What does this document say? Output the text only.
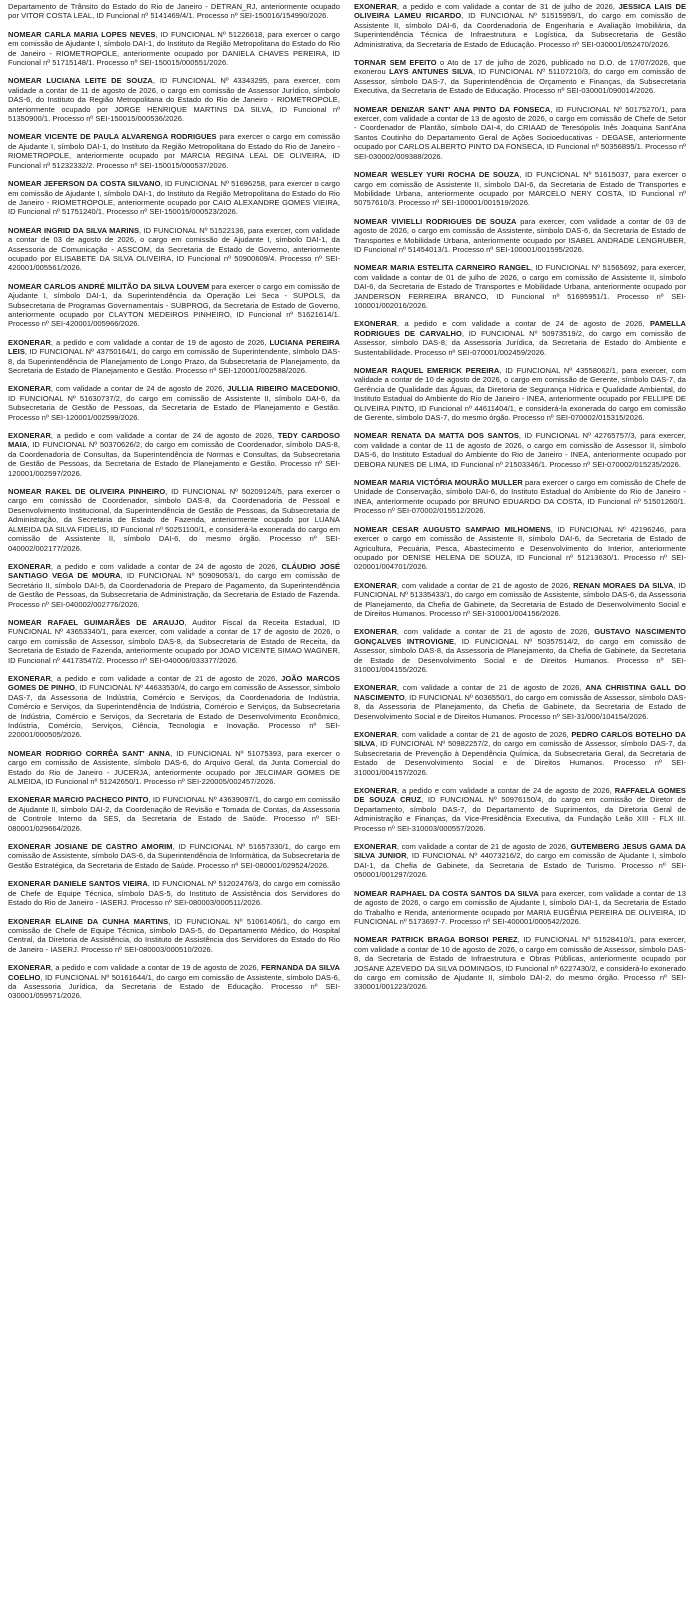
Departamento de Trânsito do Estado do Rio de Janeiro - DETRAN_RJ, anteriormente ocupado por VITOR COSTA LEAL, ID Funcional nº 5141469/4/1. Processo nº SEI-150016/154990/2026.

NOMEAR CARLA MARIA LOPES NEVES, ID FUNCIONAL Nº 51226618, para exercer o cargo em comissão de Ajudante I, símbolo DAI-1, do Instituto da Região Metropolitana do Estado do Rio de Janeiro - RIOMETROPOLE, anteriormente ocupado por DANIELA CHAVES PEREIRA, ID Funcional nº 51715148/1. Processo nº SEI-150015/000551/2026.

NOMEAR LUCIANA LEITE DE SOUZA, ID FUNCIONAL Nº 43343295, para exercer, com validade a contar de 11 de agosto de 2026, o cargo em comissão de Assessor Jurídico, símbolo DAS-6, do Instituto da Região Metropolitana do Estado do Rio de Janeiro - RIOMETROPOLE, anteriormente ocupado por JORGE HENRIQUE MARTINS DA SILVA, ID Funcional nº 51350900/1. Processo nº SEI-150015/000536/2026.

NOMEAR VICENTE DE PAULA ALVARENGA RODRIGUES para exercer o cargo em comissão de Ajudante I, símbolo DAI-1, do Instituto da Região Metropolitana do Estado do Rio de Janeiro - RIOMETROPOLE, anteriormente ocupado por MARCIA REGINA LEAL DE OLIVEIRA, ID Funcional nº 51232332/2. Processo nº SEI-150015/000537/2026.

NOMEAR JEFERSON DA COSTA SILVANO, ID FUNCIONAL Nº 51696258, para exercer o cargo em comissão de Ajudante I, símbolo DAI-1, do Instituto da Região Metropolitana do Estado do Rio de Janeiro - RIOMETROPOLE, anteriormente ocupado por CAIO ALEXANDRE GOMES VIEIRA, ID Funcional nº 51751240/1. Processo nº SEI-150015/000523/2026.

NOMEAR INGRID DA SILVA MARINS, ID FUNCIONAL Nº 51522136, para exercer, com validade a contar de 03 de agosto de 2026, o cargo em comissão de Ajudante I, símbolo DAI-1, da Assessoria de Comunicação - ASSCOM, da Secretaria de Estado de Governo, anteriormente ocupado por ELISABETE DA SILVA OLIVEIRA, ID Funcional nº 50900609/4. Processo nº SEI-420001/005561/2026.

NOMEAR CARLOS ANDRÉ MILITÃO DA SILVA LOUVEM para exercer o cargo em comissão de Ajudante I, símbolo DAI-1, da Superintendência da Operação Lei Seca - SUPOLS, da Subsecretaria de Programas Governamentais - SUBPROG, da Secretaria de Estado de Governo, anteriormente ocupado por CLAYTON MEDEIROS PINHEIRO, ID Funcional nº 51621614/1. Processo nº SEI-420001/005966/2026.

EXONERAR, a pedido e com validade a contar de 19 de agosto de 2026, LUCIANA PEREIRA LEIS, ID FUNCIONAL Nº 43750164/1, do cargo em comissão de Superintendente, símbolo DAS-8, da Superintendência de Planejamento de Longo Prazo, da Subsecretaria de Planejamento, da Secretaria de Estado de Planejamento e Gestão. Processo nº SEI-120001/002588/2026.

EXONERAR, com validade a contar de 24 de agosto de 2026, JULLIA RIBEIRO MACEDONIO, ID FUNCIONAL Nº 51630737/2, do cargo em comissão de Assistente II, símbolo DAI-6, da Subsecretaria de Gestão de Pessoas, da Secretaria de Estado de Planejamento e Gestão. Processo nº SEI-120001/002599/2026.

EXONERAR, a pedido e com validade a contar de 24 de agosto de 2026, TEDY CARDOSO MAIA, ID FUNCIONAL Nº 50370626/2, do cargo em comissão de Coordenador, símbolo DAS-8, da Coordenadoria de Consultas, da Superintendência de Normas e Consultas, da Subsecretaria de Gestão de Pessoas, da Secretaria de Estado de Planejamento e Gestão. Processo nº SEI-120001/002597/2026.

NOMEAR RAKEL DE OLIVEIRA PINHEIRO, ID FUNCIONAL Nº 50209124/5, para exercer o cargo em comissão de Coordenador, símbolo DAS-8, da Coordenadoria de Pessoal e Desenvolvimento Institucional, da Superintendência de Gestão de Pessoas, da Subsecretaria de Administração, da Secretaria de Estado de Fazenda, anteriormente ocupado por LUANA ALMEIDA DA SILVA FIDELIS, ID Funcional nº 50251100/1, e considerá-la exonerada do cargo em comissão de Assistente II, símbolo DAI-6, do mesmo órgão. Processo nº SEI-040002/002177/2026.

EXONERAR, a pedido e com validade a contar de 24 de agosto de 2026, CLÁUDIO JOSÉ SANTIAGO VEGA DE MOURA, ID FUNCIONAL Nº 50909053/1, do cargo em comissão de Secretário II, símbolo DAI-5, da Coordenadoria de Preparo de Pagamento, da Superintendência de Gestão de Pessoas, da Subsecretaria de Administração, da Secretaria de Estado de Fazenda. Processo nº SEI-040002/002776/2026.

NOMEAR RAFAEL GUIMARÃES DE ARAUJO, Auditor Fiscal da Receita Estadual, ID FUNCIONAL Nº 43653340/1, para exercer, com validade a contar de 17 de agosto de 2026, o cargo em comissão de Assessor, símbolo DAS-8, da Subsecretaria de Estado de Receita, da Secretaria de Estado de Fazenda, anteriormente ocupado por JOAO VICENTE SIMAO WAGNER, ID Funcional nº 44173547/2. Processo nº SEI-040006/033377/2026.

EXONERAR, a pedido e com validade a contar de 21 de agosto de 2026, JOÃO MARCOS GOMES DE PINHO, ID FUNCIONAL Nº 44633530/4, do cargo em comissão de Assessor, símbolo DAS-7, da Assessoria de Indústria, Comércio e Serviços, da Coordenadoria de Indústria, Comércio e Serviços, da Superintendência de Indústria, Comércio e Serviços, da Subsecretaria de Indústria, Comércio e Serviços, da Secretaria de Estado de Desenvolvimento Econômico, Indústria, Comércio, Serviços, Ciência, Tecnologia e Inovação. Processo nº SEI-220001/000505/2026.

NOMEAR RODRIGO CORRÊA SANT' ANNA, ID FUNCIONAL Nº 51075393, para exercer o cargo em comissão de Assistente, símbolo DAS-6, do Arquivo Geral, da Junta Comercial do Estado do Rio de Janeiro - JUCERJA, anteriormente ocupado por JELCIMAR GOMES DE ALMEIDA, ID Funcional nº 51242650/1. Processo nº SEI-220005/002457/2026.

EXONERAR MARCIO PACHECO PINTO, ID FUNCIONAL Nº 43639097/1, do cargo em comissão de Ajudante II, símbolo DAI-2, da Coordenação de Revisão e Tomada de Contas, da Assessoria de Controle Interno da SES, da Secretaria de Estado de Saúde. Processo nº SEI-080001/029664/2026.

EXONERAR JOSIANE DE CASTRO AMORIM, ID FUNCIONAL Nº 51657330/1, do cargo em comissão de Assistente, símbolo DAS-6, da Superintendência de Informática, da Subsecretaria de Gestão Estratégica, da Secretaria de Estado de Saúde. Processo nº SEI-080001/029524/2026.

EXONERAR DANIELE SANTOS VIEIRA, ID FUNCIONAL Nº 51202476/3, do cargo em comissão de Chefe de Equipe Técnica, símbolo DAS-5, do Instituto de Assistência dos Servidores do Estado do Rio de Janeiro - IASERJ. Processo nº SEI-080003/000511/2026.

EXONERAR ELAINE DA CUNHA MARTINS, ID FUNCIONAL Nº 51061406/1, do cargo em comissão de Chefe de Equipe Técnica, símbolo DAS-5, do Departamento Médico, do Hospital Central, da Diretoria de Assistência, do Instituto de Assistência dos Servidores do Estado do Rio de Janeiro - IASERJ. Processo nº SEI-080003/000510/2026.

EXONERAR, a pedido e com validade a contar de 19 de agosto de 2026, FERNANDA DA SILVA COELHO, ID FUNCIONAL Nº 50161644/1, do cargo em comissão de Assistente, símbolo DAS-6, da Assessoria Jurídica, da Secretaria de Estado de Educação. Processo nº SEI-030001/059571/2026.

EXONERAR, a pedido e com validade a contar de 31 de julho de 2026, JESSICA LAIS DE OLIVEIRA LAMEU RICARDO, ID FUNCIONAL Nº 51515959/1, do cargo em comissão de Assistente II, símbolo DAI-6, da Coordenadoria de Engenharia e Avaliação Imobiliária, da Superintendência Técnica de Infraestrutura e Logística, da Subsecretaria de Gestão Administrativa, da Secretaria de Estado de Educação. Processo nº SEI-030001/052470/2026.

TORNAR SEM EFEITO o Ato de 17 de julho de 2026, publicado no D.O. de 17/07/2026, que exonerou LAYS ANTUNES SILVA, ID FUNCIONAL Nº 51107210/3, do cargo em comissão de Assessor, símbolo DAS-7, da Superintendência de Orçamento e Finanças, da Subsecretaria Executiva, da Secretaria de Estado de Educação. Processo nº SEI-030001/090014/2026.

NOMEAR DENIZAR SANT' ANA PINTO DA FONSECA, ID FUNCIONAL Nº 50175270/1, para exercer, com validade a contar de 13 de agosto de 2026, o cargo em comissão de Chefe de Setor - Coordenador de Plantão, símbolo DAI-4, do CRIAAD de Teresópolis Inês Joaquina Sant'Ana Santos Coutinho do Departamento Geral de Ações Socioeducativas - DEGASE, anteriormente ocupado por CARLOS ALBERTO PINTO DA FONSECA, ID Funcional nº 50356895/1. Processo nº SEI-030002/009388/2026.

NOMEAR WESLEY YURI ROCHA DE SOUZA, ID FUNCIONAL Nº 51615037, para exercer o cargo em comissão de Assistente II, símbolo DAI-6, da Secretaria de Estado de Transportes e Mobilidade Urbana, anteriormente ocupado por MARCELO NERY COSTA, ID Funcional nº 50757610/3. Processo nº SEI-100001/001519/2026.

NOMEAR VIVIELLI RODRIGUES DE SOUZA para exercer, com validade a contar de 03 de agosto de 2026, o cargo em comissão de Assistente, símbolo DAS-6, da Secretaria de Estado de Transportes e Mobilidade Urbana, anteriormente ocupado por ISABEL ANDRADE LENGRUBER, ID Funcional nº 51454013/1. Processo nº SEI-100001/001595/2026.

NOMEAR MARIA ESTELITA CARNEIRO RANGEL, ID FUNCIONAL Nº 51565692, para exercer, com validade a contar de 01 de julho de 2026, o cargo em comissão de Assistente II, símbolo DAI-6, da Secretaria de Estado de Transportes e Mobilidade Urbana, anteriormente ocupado por JANDERSON FERREIRA BRANCO, ID Funcional nº 51695951/1. Processo nº SEI-100001/002016/2026.

EXONERAR, a pedido e com validade a contar de 24 de agosto de 2026, PAMELLA RODRIGUES DE CARVALHO, ID FUNCIONAL Nº 50973519/2, do cargo em comissão de Assessor, símbolo DAS-8, da Assessoria Jurídica, da Secretaria de Estado do Ambiente e Sustentabilidade. Processo nº SEI-070001/002459/2026.

NOMEAR RAQUEL EMERICK PEREIRA, ID FUNCIONAL Nº 43558062/1, para exercer, com validade a contar de 10 de agosto de 2026, o cargo em comissão de Gerente, símbolo DAS-7, da Gerência de Qualidade das Águas, da Diretoria de Segurança Hídrica e Qualidade Ambiental, do Instituto Estadual do Ambiente do Rio de Janeiro - INEA, anteriormente ocupado por FELLIPE DE OLIVEIRA PINTO, ID Funcional nº 44611404/1, e considerá-la exonerada do cargo em comissão de Gerente, símbolo DAS-7, do mesmo órgão. Processo nº SEI-070002/015315/2026.

NOMEAR RENATA DA MATTA DOS SANTOS, ID FUNCIONAL Nº 42765757/3, para exercer, com validade a contar de 11 de agosto de 2026, o cargo em comissão de Assessor II, símbolo DAS-6, do Instituto Estadual do Ambiente do Rio de Janeiro - INEA, anteriormente ocupado por DEBORA NUNES DE LIMA, ID Funcional nº 21503346/1. Processo nº SEI-070002/015235/2026.

NOMEAR MARIA VICTÓRIA MOURÃO MULLER para exercer o cargo em comissão de Chefe de Unidade de Conservação, símbolo DAI-6, do Instituto Estadual do Ambiente do Rio de Janeiro - INEA, anteriormente ocupado por BRUNO EDUARDO DA COSTA, ID Funcional nº 51501260/1. Processo nº SEI-070002/015512/2026.

NOMEAR CESAR AUGUSTO SAMPAIO MILHOMENS, ID FUNCIONAL Nº 42196246, para exercer o cargo em comissão de Assistente II, símbolo DAI-6, da Secretaria de Estado de Agricultura, Pecuária, Pesca, Abastecimento e Desenvolvimento do Interior, anteriormente ocupado por DENISE HELENA DE SOUZA, ID Funcional nº 51213630/1. Processo nº SEI-020001/004701/2026.

EXONERAR, com validade a contar de 21 de agosto de 2026, RENAN MORAES DA SILVA, ID FUNCIONAL Nº 51335433/1, do cargo em comissão de Assistente, símbolo DAS-6, da Assessoria de Planejamento, da Chefia de Gabinete, da Secretaria de Estado de Desenvolvimento Social e de Direitos Humanos. Processo nº SEI-310001/004156/2026.

EXONERAR, com validade a contar de 21 de agosto de 2026, GUSTAVO NASCIMENTO GONÇALVES INTROVIGNE, ID FUNCIONAL Nº 50357514/2, do cargo em comissão de Assessor, símbolo DAS-8, da Assessoria de Planejamento, da Chefia de Gabinete, da Secretaria de Estado de Desenvolvimento Social e de Direitos Humanos. Processo nº SEI-310001/004155/2026.

EXONERAR, com validade a contar de 21 de agosto de 2026, ANA CHRISTINA GALL DO NASCIMENTO, ID FUNCIONAL Nº 6036550/1, do cargo em comissão de Assessor, símbolo DAS-8, da Assessoria de Planejamento, da Chefia de Gabinete, da Secretaria de Estado de Desenvolvimento Social e de Direitos Humanos. Processo nº SEI-31/000/104154/2026.

EXONERAR, com validade a contar de 21 de agosto de 2026, PEDRO CARLOS BOTELHO DA SILVA, ID FUNCIONAL Nº 50982257/2, do cargo em comissão de Assessor, símbolo DAS-7, da Subsecretaria de Prevenção à Dependência Química, da Subsecretaria Geral, da Secretaria de Estado de Desenvolvimento Social e de Direitos Humanos. Processo nº SEI-310001/004157/2026.

EXONERAR, a pedido e com validade a contar de 24 de agosto de 2026, RAFFAELA GOMES DE SOUZA CRUZ, ID FUNCIONAL Nº 50976150/4, do cargo em comissão de Diretor de Departamento, símbolo DAS-7, do Departamento de Suprimentos, da Diretoria Geral de Administração e Finanças, da Vice-Presidência Executiva, da Fundação Leão XIII - FLX III. Processo nº SEI-310003/000557/2026.

EXONERAR, com validade a contar de 21 de agosto de 2026, GUTEMBERG JESUS GAMA DA SILVA JUNIOR, ID FUNCIONAL Nº 44073216/2, do cargo em comissão de Ajudante I, símbolo DAI-1, da Chefia de Gabinete, da Secretaria de Estado de Turismo. Processo nº SEI-050001/001297/2026.

NOMEAR RAPHAEL DA COSTA SANTOS DA SILVA para exercer, com validade a contar de 13 de agosto de 2026, o cargo em comissão de Ajudante I, símbolo DAI-1, da Secretaria de Estado do Trabalho e Renda, anteriormente ocupado por MARIA EUGÊNIA PEREIRA DE OLIVEIRA, ID FUNCIONAL nº 5173697-7. Processo nº SEI-400001/000542/2026.

NOMEAR PATRICK BRAGA BORSOI PEREZ, ID FUNCIONAL Nº 51528410/1, para exercer, com validade a contar de 10 de agosto de 2026, o cargo em comissão de Assessor, símbolo DAS-8, da Secretaria de Estado de Infraestrutura e Obras Públicas, anteriormente ocupado por JOSANE AZEVEDO DA SILVA DOMINGOS, ID Funcional nº 6227430/2, e considerá-lo exonerado do cargo em comissão de Ajudante II, símbolo DAI-2, do mesmo órgão. Processo nº SEI-330001/001223/2026.
